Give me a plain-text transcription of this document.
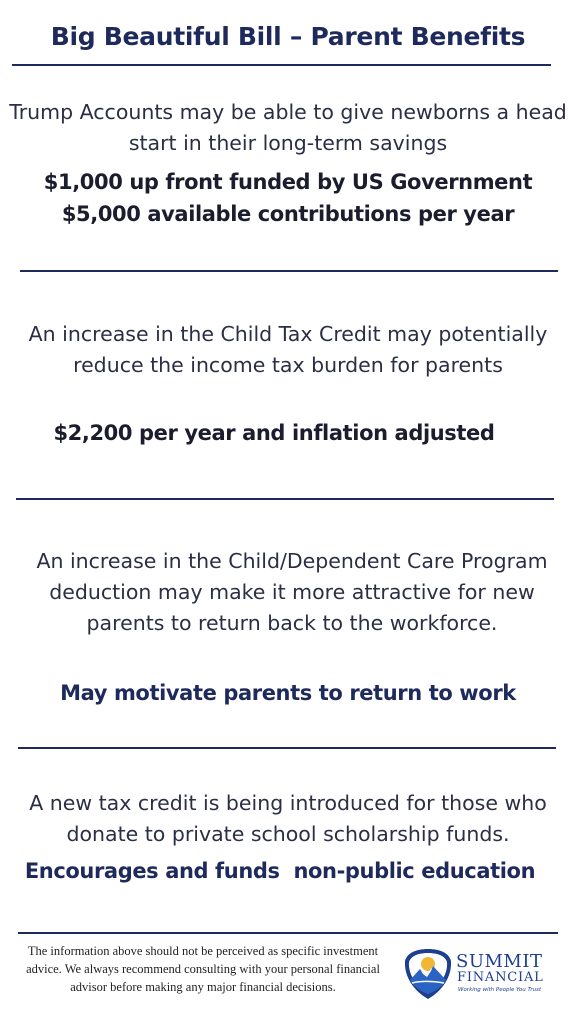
Big Beautiful Bill – Parent Benefits
Trump Accounts may be able to give newborns a head start in their long-term savings
$1,000 up front funded by US Government
$5,000 available contributions per year
An increase in the Child Tax Credit may potentially reduce the income tax burden for parents
$2,200 per year and inflation adjusted
An increase in the Child/Dependent Care Program deduction may make it more attractive for new parents to return back to the workforce.
May motivate parents to return to work
A new tax credit is being introduced for those who donate to private school scholarship funds.
Encourages and funds  non-public education
The information above should not be perceived as specific investment advice. We always recommend consulting with your personal financial advisor before making any major financial decisions.
SUMMIT
FINANCIAL
Working with People You Trust
